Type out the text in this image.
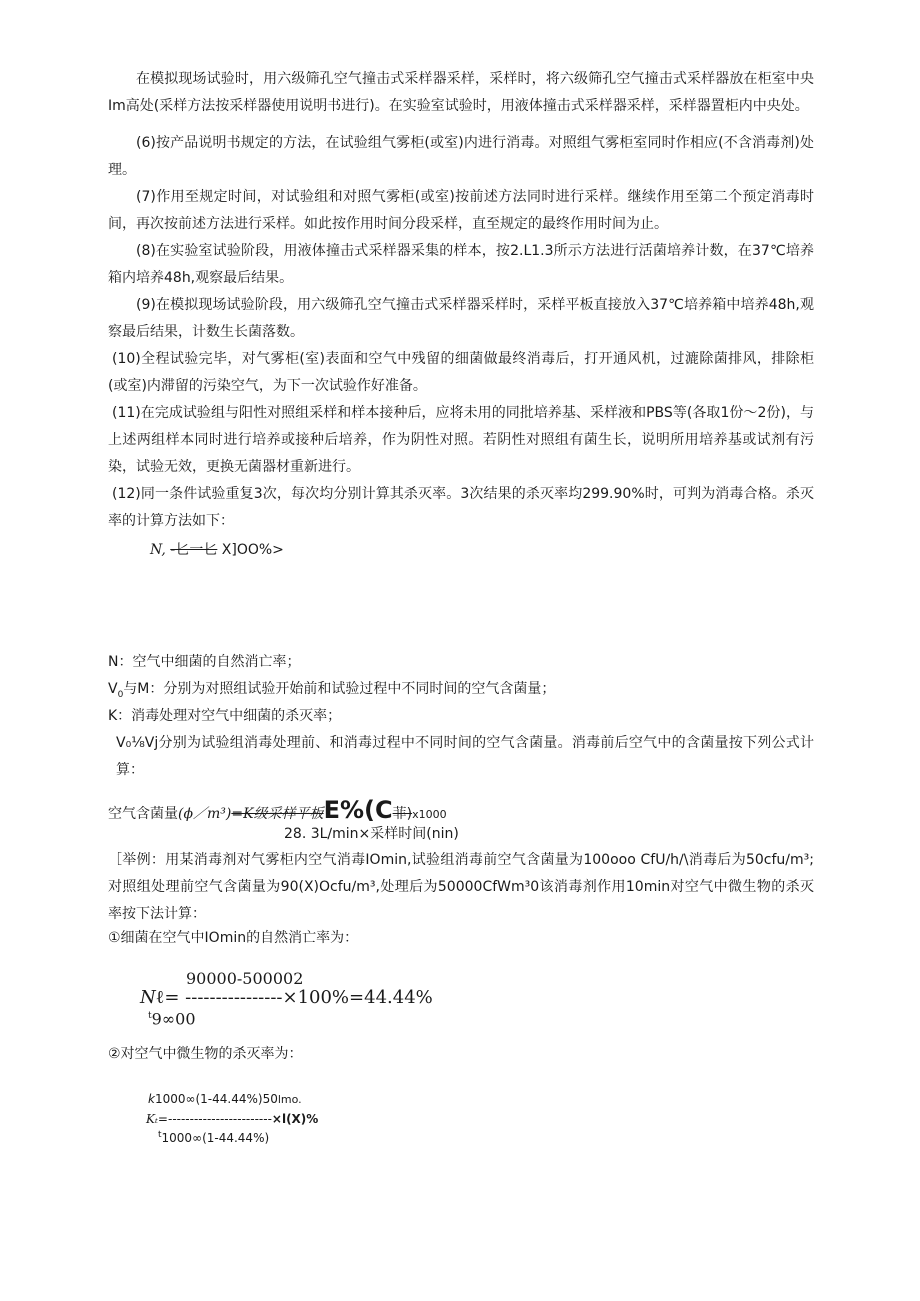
在模拟现场试验时，用六级筛孔空气撞击式采样器采样，采样时，将六级筛孔空气撞击式采样器放在柜室中央Im高处(采样方法按采样器使用说明书进行)。在实验室试验时，用液体撞击式采样器采样，采样器置柜内中央处。

(6)按产品说明书规定的方法，在试验组气雾柜(或室)内进行消毒。对照组气雾柜室同时作相应(不含消毒剂)处理。

(7)作用至规定时间，对试验组和对照气雾柜(或室)按前述方法同时进行采样。继续作用至第二个预定消毒时间，再次按前述方法进行采样。如此按作用时间分段采样，直至规定的最终作用时间为止。

(8)在实验室试验阶段，用液体撞击式采样器采集的样本，按2.L1.3所示方法进行活菌培养计数，在37℃培养箱内培养48h,观察最后结果。

(9)在模拟现场试验阶段，用六级筛孔空气撞击式采样器采样时，采样平板直接放入37℃培养箱中培养48h,观察最后结果，计数生长菌落数。

(10)全程试验完毕，对气雾柜(室)表面和空气中残留的细菌做最终消毒后，打开通风机，过漉除菌排风，排除柜(或室)内滞留的污染空气，为下一次试验作好准备。

(11)在完成试验组与阳性对照组采样和样本接种后，应将未用的同批培养基、采样液和PBS等(各取1份～2份)，与上述两组样本同时进行培养或接种后培养，作为阴性对照。若阴性对照组有菌生长，说明所用培养基或试剂有污染，试验无效，更换无菌器材重新进行。

(12)同一条件试验重复3次，每次均分别计算其杀灭率。3次结果的杀灭率均299.90%时，可判为消毒合格。杀灭率的计算方法如下：

N, -匕一匕 X]OO%>

N：空气中细菌的自然消亡率；

$V_0$与M：分别为对照组试验开始前和试验过程中不同时间的空气含菌量；

K：消毒处理对空气中细菌的杀灭率；

V₀⅛Vj分别为试验组消毒处理前、和消毒过程中不同时间的空气含菌量。消毒前后空气中的含菌量按下列公式计算：

空气含菌量(ϕ／m³)=K级采样平板E%(C菲)x1000

28. 3L∕min×采样时间(nin)

［举例：用某消毒剂对气雾柜内空气消毒IOmin,试验组消毒前空气含菌量为100ooo CfU∕h∕\消毒后为50cfu∕m³;对照组处理前空气含菌量为90(X)Ocfu∕m³,处理后为50000CfWm³0该消毒剂作用10min对空气中微生物的杀灭率按下法计算：

①细菌在空气中IOmin的自然消亡率为：

90000-500002

Nℓ= ----------------×100%=44.44%

$^t$9∞00

②对空气中微生物的杀灭率为：

k1000∞(1-44.44%)50lmo.

Kₜ=------------------------×l(X)%

$^t$1000∞(1-44.44%)
